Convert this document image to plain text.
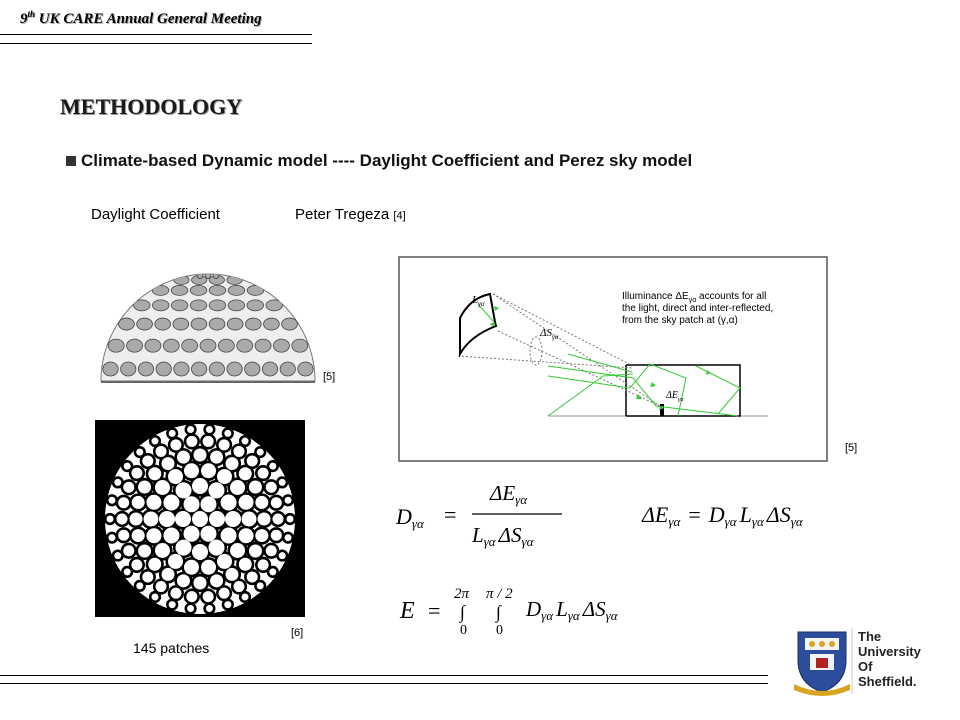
9th UK CARE Annual General Meeting
METHODOLOGY
Climate-based Dynamic model ---- Daylight Coefficient and Perez sky model
Daylight Coefficient	Peter Tregeza [4]
[5]
[6]
145 patches
$L_{\gamma\alpha}$
$\Delta S_{\gamma\alpha}$
$\Delta E_{\gamma\alpha}$
Illuminance $\Delta E_{\gamma\alpha}$ accounts for all
the light, direct and inter-reflected,
from the sky patch at (γ,α)
[5]
Dγα =
ΔEγα
Lγα ΔSγα
ΔEγα = Dγα Lγα ΔSγα
E =
2π
∫
0
π / 2
∫
0
Dγα Lγα ΔSγα
The
University
Of
Sheffield.
